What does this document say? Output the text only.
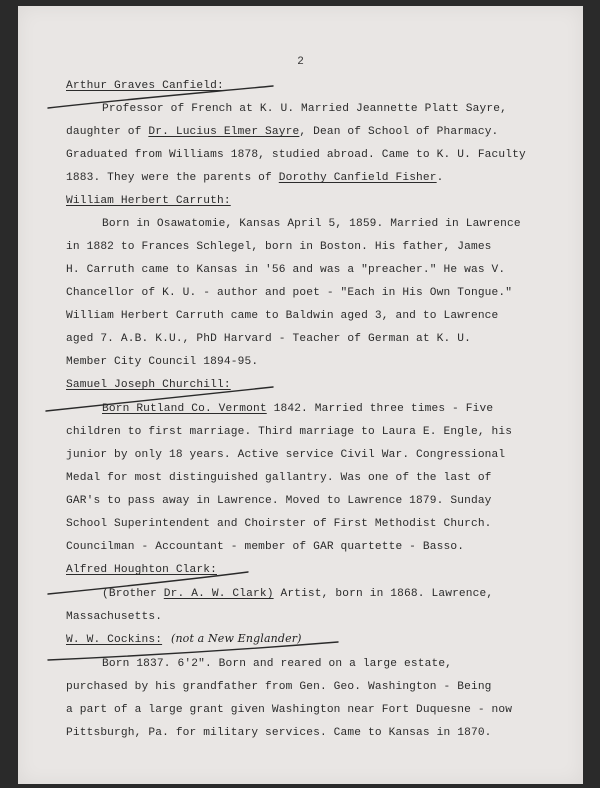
2
Arthur Graves Canfield:
Professor of French at K. U. Married Jeannette Platt Sayre,
daughter of Dr. Lucius Elmer Sayre, Dean of School of Pharmacy.
Graduated from Williams 1878, studied abroad. Came to K. U. Faculty
1883. They were the parents of Dorothy Canfield Fisher.
William Herbert Carruth:
Born in Osawatomie, Kansas April 5, 1859. Married in Lawrence
in 1882 to Frances Schlegel, born in Boston. His father, James
H. Carruth came to Kansas in '56 and was a "preacher." He was V.
Chancellor of K. U. - author and poet - "Each in His Own Tongue."
William Herbert Carruth came to Baldwin aged 3, and to Lawrence
aged 7. A.B. K.U., PhD Harvard - Teacher of German at K. U.
Member City Council 1894-95.
Samuel Joseph Churchill:
Born Rutland Co. Vermont 1842. Married three times - Five
children to first marriage. Third marriage to Laura E. Engle, his
junior by only 18 years. Active service Civil War. Congressional
Medal for most distinguished gallantry. Was one of the last of
GAR's to pass away in Lawrence. Moved to Lawrence 1879. Sunday
School Superintendent and Choirster of First Methodist Church.
Councilman - Accountant - member of GAR quartette - Basso.
Alfred Houghton Clark:
(Brother Dr. A. W. Clark) Artist, born in 1868. Lawrence,
Massachusetts.
W. W. Cockins: (not a New Englander)
Born 1837. 6'2". Born and reared on a large estate,
purchased by his grandfather from Gen. Geo. Washington - Being
a part of a large grant given Washington near Fort Duquesne - now
Pittsburgh, Pa. for military services. Came to Kansas in 1870.
